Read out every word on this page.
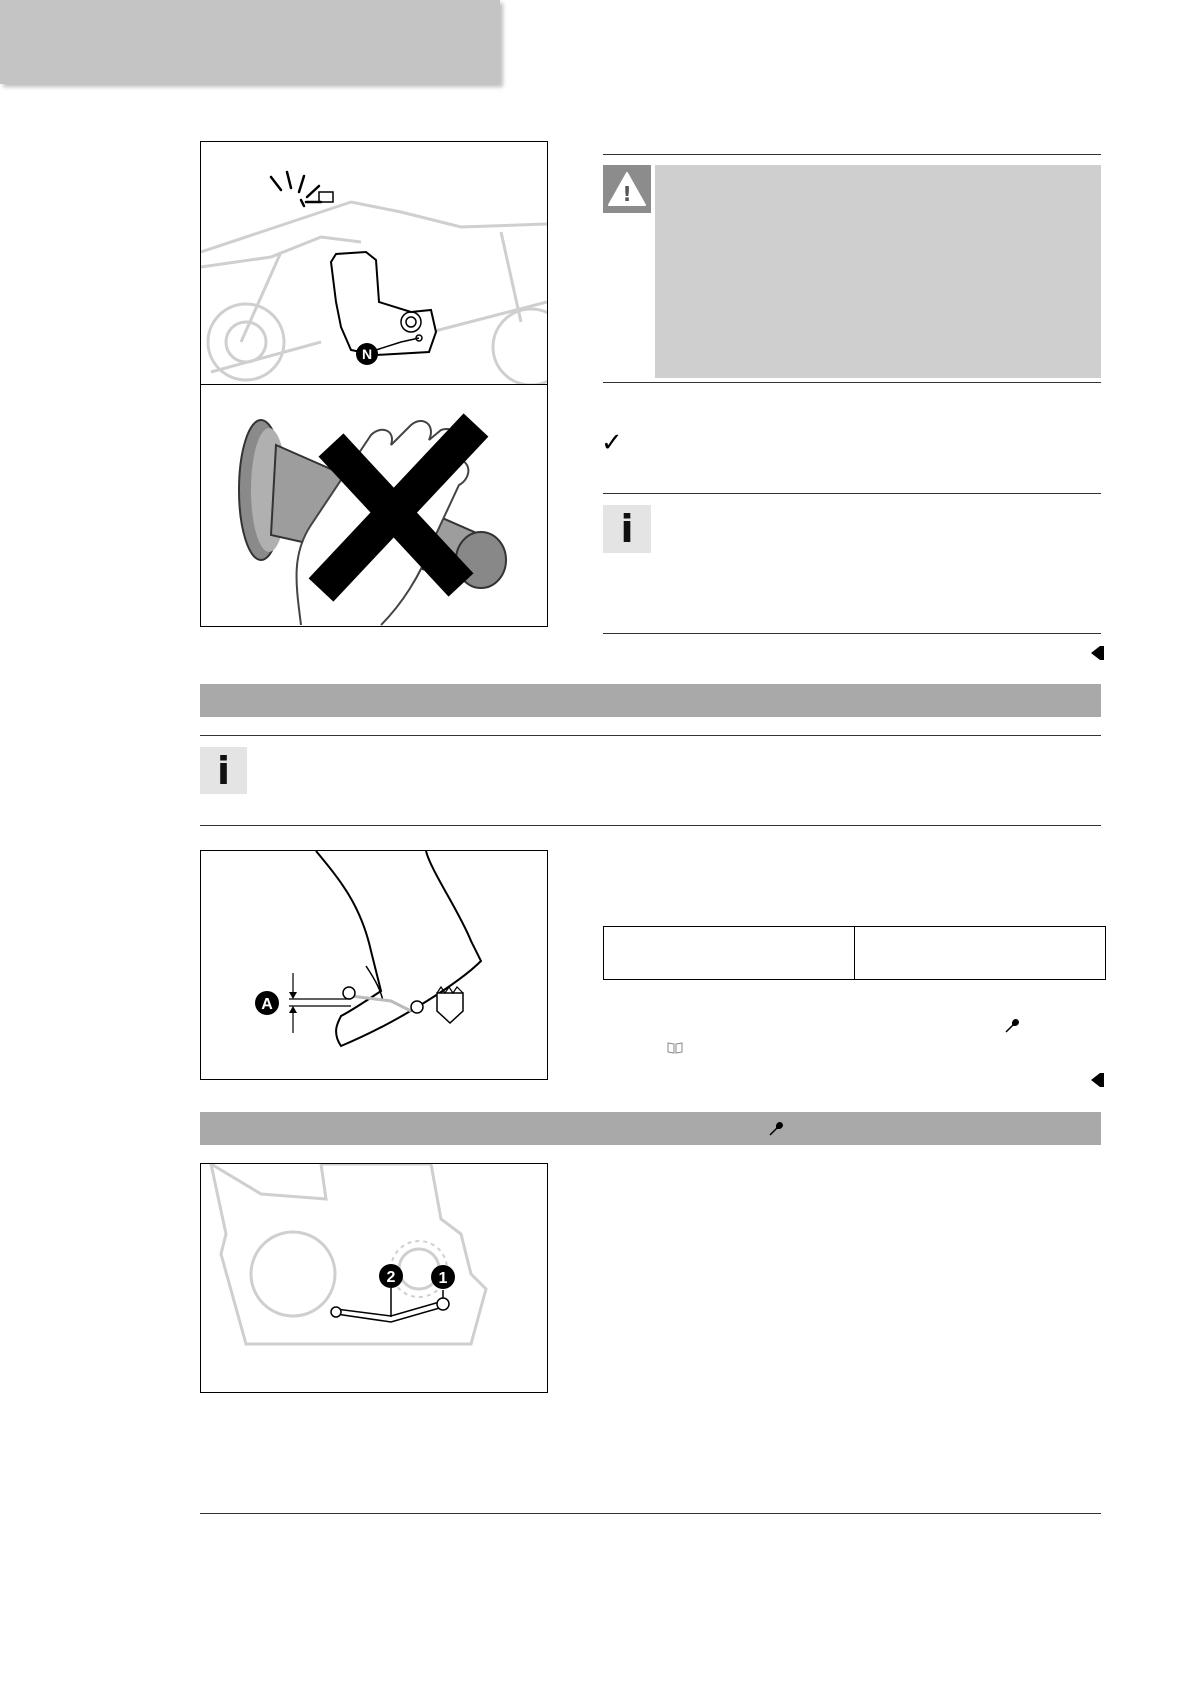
N
X
!
✓
i
i
A

2	1
